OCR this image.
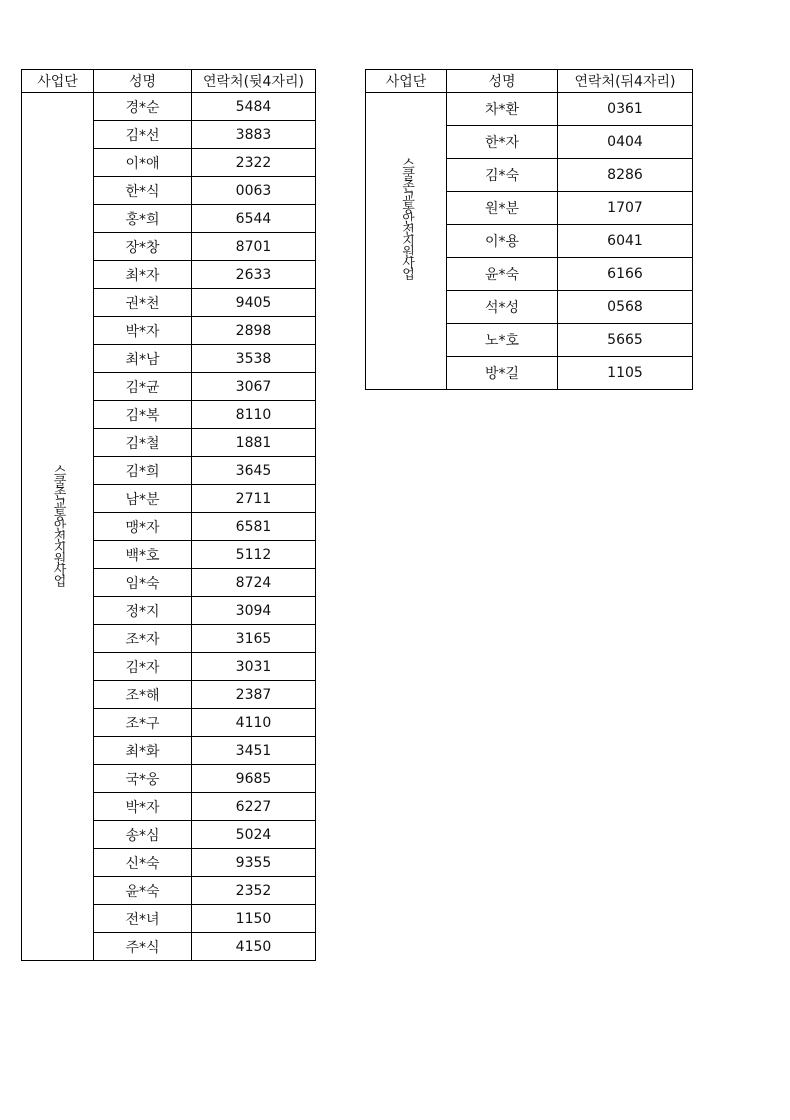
사업단	성명	연락처(뒷4자리)
스쿨존교통안전지원사업	경*순	5484
	김*선	3883
	이*애	2322
	한*식	0063
	홍*희	6544
	장*창	8701
	최*자	2633
	권*천	9405
	박*자	2898
	최*남	3538
	김*균	3067
	김*복	8110
	김*철	1881
	김*희	3645
	남*분	2711
	맹*자	6581
	백*호	5112
	임*숙	8724
	정*지	3094
	조*자	3165
	김*자	3031
	조*해	2387
	조*구	4110
	최*화	3451
	국*웅	9685
	박*자	6227
	송*심	5024
	신*숙	9355
	윤*숙	2352
	전*녀	1150
	주*식	4150
사업단	성명	연락처(뒤4자리)
스쿨존교통안전지원사업	차*환	0361
	한*자	0404
	김*숙	8286
	원*분	1707
	이*용	6041
	윤*숙	6166
	석*성	0568
	노*호	5665
	방*길	1105
